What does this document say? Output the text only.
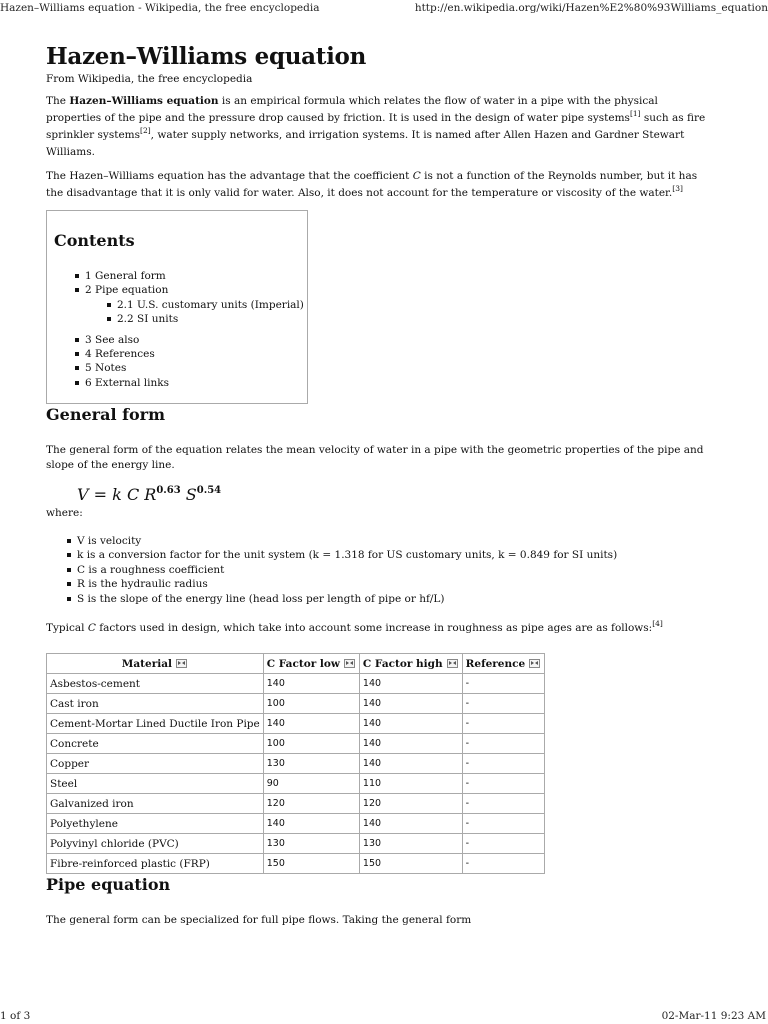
Hazen–Williams equation - Wikipedia, the free encyclopedia	http://en.wikipedia.org/wiki/Hazen%E2%80%93Williams_equation
Hazen–Williams equation
From Wikipedia, the free encyclopedia

The Hazen–Williams equation is an empirical formula which relates the flow of water in a pipe with the physical properties of the pipe and the pressure drop caused by friction. It is used in the design of water pipe systems[1] such as fire sprinkler systems[2], water supply networks, and irrigation systems. It is named after Allen Hazen and Gardner Stewart Williams.

The Hazen–Williams equation has the advantage that the coefficient C is not a function of the Reynolds number, but it has the disadvantage that it is only valid for water. Also, it does not account for the temperature or viscosity of the water.[3]

Contents
1 General form
2 Pipe equation
2.1 U.S. customary units (Imperial)
2.2 SI units
3 See also
4 References
5 Notes
6 External links
General form

The general form of the equation relates the mean velocity of water in a pipe with the geometric properties of the pipe and slope of the energy line.

V = k C $R^{0.63}$ $S^{0.54}$

where:

V is velocity
k is a conversion factor for the unit system (k = 1.318 for US customary units, k = 0.849 for SI units)
C is a roughness coefficient
R is the hydraulic radius
S is the slope of the energy line (head loss per length of pipe or hf/L)

Typical C factors used in design, which take into account some increase in roughness as pipe ages are as follows:[4]

Material	C Factor low	C Factor high	Reference
Asbestos-cement	140	140	-
Cast iron	100	140	-
Cement-Mortar Lined Ductile Iron Pipe	140	140	-
Concrete	100	140	-
Copper	130	140	-
Steel	90	110	-
Galvanized iron	120	120	-
Polyethylene	140	140	-
Polyvinyl chloride (PVC)	130	130	-
Fibre-reinforced plastic (FRP)	150	150	-
Pipe equation

The general form can be specialized for full pipe flows. Taking the general form

1 of 3	02-Mar-11 9:23 AM
